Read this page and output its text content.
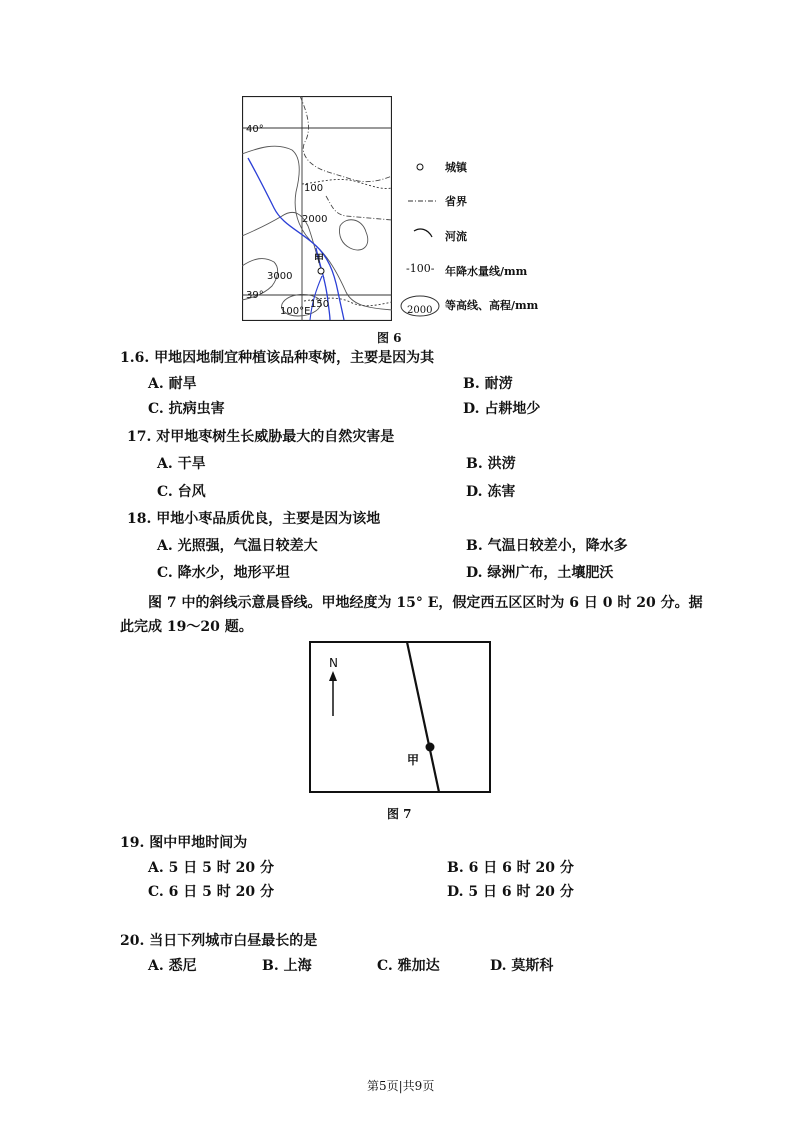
40°
39°
100°E
100
150
2000
3000
甲
城镇
省界
河流
-100- 年降水量线/mm
2000 等高线、高程/mm
图 6
1.6. 甲地因地制宜种植该品种枣树，主要是因为其
A. 耐旱	B. 耐涝
C. 抗病虫害	D. 占耕地少
17. 对甲地枣树生长威胁最大的自然灾害是
A. 干旱	B. 洪涝
C. 台风	D. 冻害
18. 甲地小枣品质优良，主要是因为该地
A. 光照强，气温日较差大	B. 气温日较差小，降水多
C. 降水少，地形平坦	D. 绿洲广布，土壤肥沃
图 7 中的斜线示意晨昏线。甲地经度为 15° E，假定西五区区时为 6 日 0 时 20 分。据
此完成 19～20 题。
N
甲
图 7
19. 图中甲地时间为
A. 5 日 5 时 20 分	B. 6 日 6 时 20 分
C. 6 日 5 时 20 分	D. 5 日 6 时 20 分
20. 当日下列城市白昼最长的是
A. 悉尼	B. 上海	C. 雅加达	D. 莫斯科
第5页|共9页
